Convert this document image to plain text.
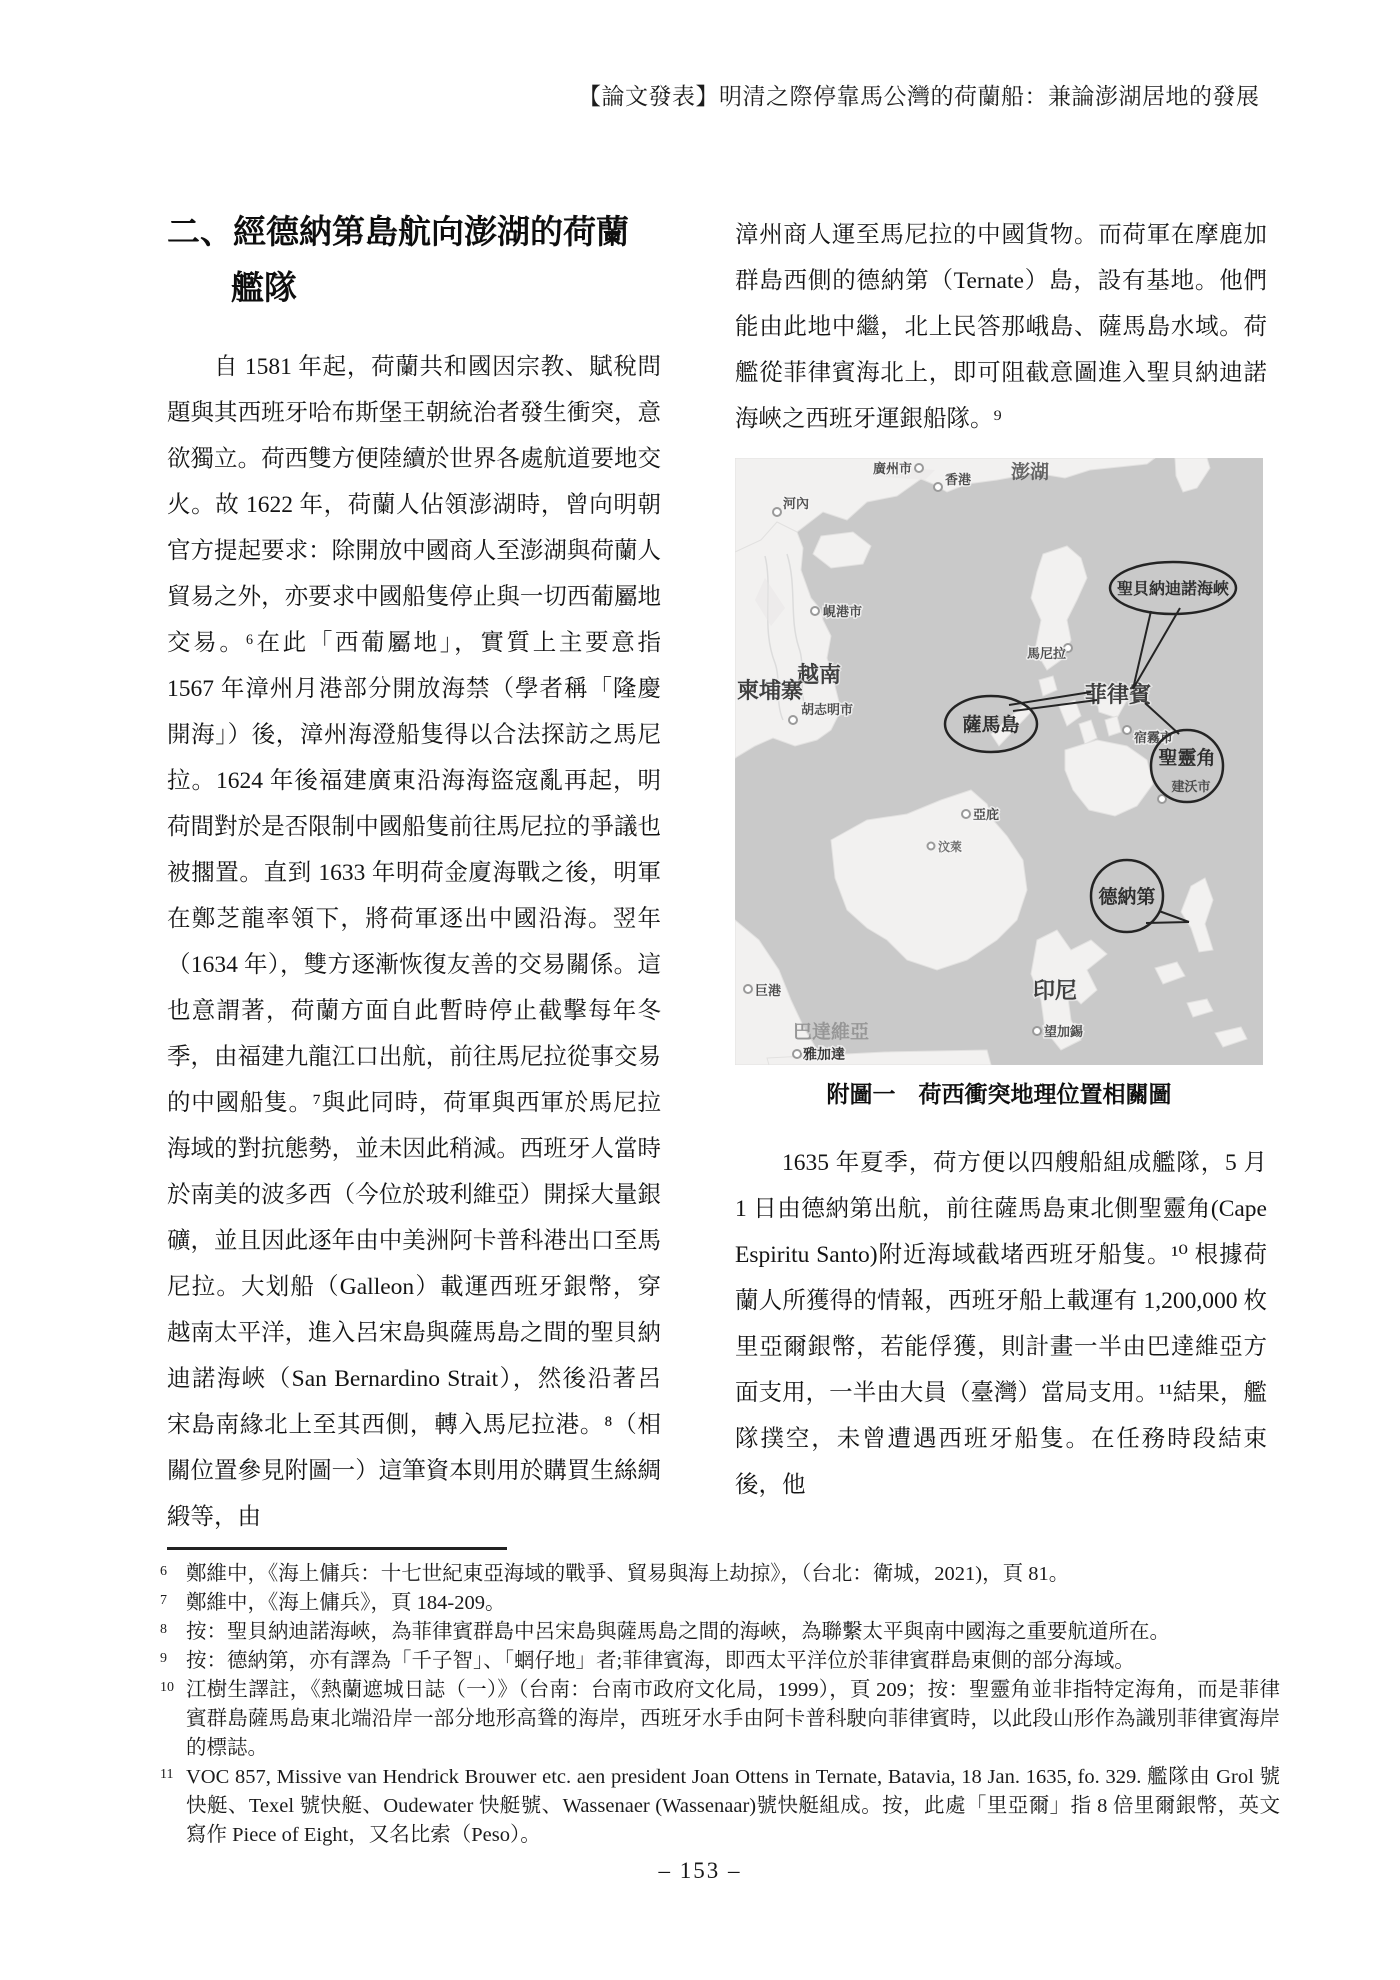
【論文發表】明清之際停靠馬公灣的荷蘭船：兼論澎湖居地的發展
二、經德納第島航向澎湖的荷蘭
艦隊
自 1581 年起，荷蘭共和國因宗教、賦稅問題與其西班牙哈布斯堡王朝統治者發生衝突，意欲獨立。荷西雙方便陸續於世界各處航道要地交火。故 1622 年，荷蘭人佔領澎湖時，曾向明朝官方提起要求：除開放中國商人至澎湖與荷蘭人貿易之外，亦要求中國船隻停止與一切西葡屬地交易。⁶在此「西葡屬地」，實質上主要意指 1567 年漳州月港部分開放海禁（學者稱「隆慶開海」）後，漳州海澄船隻得以合法探訪之馬尼拉。1624 年後福建廣東沿海海盜寇亂再起，明荷間對於是否限制中國船隻前往馬尼拉的爭議也被擱置。直到 1633 年明荷金廈海戰之後，明軍在鄭芝龍率領下，將荷軍逐出中國沿海。翌年（1634 年），雙方逐漸恢復友善的交易關係。這也意謂著，荷蘭方面自此暫時停止截擊每年冬季，由福建九龍江口出航，前往馬尼拉從事交易的中國船隻。⁷與此同時，荷軍與西軍於馬尼拉海域的對抗態勢，並未因此稍減。西班牙人當時於南美的波多西（今位於玻利維亞）開採大量銀礦，並且因此逐年由中美洲阿卡普科港出口至馬尼拉。大划船（Galleon）載運西班牙銀幣，穿越南太平洋，進入呂宋島與薩馬島之間的聖貝納迪諾海峽（San Bernardino Strait），然後沿著呂宋島南緣北上至其西側，轉入馬尼拉港。⁸（相關位置參見附圖一）這筆資本則用於購買生絲綢緞等，由
漳州商人運至馬尼拉的中國貨物。而荷軍在摩鹿加群島西側的德納第（Ternate）島，設有基地。他們能由此地中繼，北上民答那峨島、薩馬島水域。荷艦從菲律賓海北上，即可阻截意圖進入聖貝納迪諾海峽之西班牙運銀船隊。⁹
廣州市
香港
河內
峴港市
越南
柬埔寨
胡志明市
澎湖
馬尼拉
菲律賓
宿霧市
亞庇
汶萊
印尼
望加錫
巨港
巴達維亞
雅加達
聖貝納迪諾海峽
薩馬島
聖靈角
建沃市
德納第
附圖一　荷西衝突地理位置相關圖
1635 年夏季，荷方便以四艘船組成艦隊，5 月 1 日由德納第出航，前往薩馬島東北側聖靈角(Cape Espiritu Santo)附近海域截堵西班牙船隻。¹⁰ 根據荷蘭人所獲得的情報，西班牙船上載運有 1,200,000 枚里亞爾銀幣，若能俘獲，則計畫一半由巴達維亞方面支用，一半由大員（臺灣）當局支用。¹¹結果，艦隊撲空，未曾遭遇西班牙船隻。在任務時段結束後，他
6 鄭維中，《海上傭兵：十七世紀東亞海域的戰爭、貿易與海上劫掠》，（台北：衛城，2021)，頁 81。
7 鄭維中，《海上傭兵》，頁 184-209。
8 按：聖貝納迪諾海峽，為菲律賓群島中呂宋島與薩馬島之間的海峽，為聯繫太平與南中國海之重要航道所在。
9 按：德納第，亦有譯為「千子智」、「蝄仔地」者;菲律賓海，即西太平洋位於菲律賓群島東側的部分海域。
10 江樹生譯註，《熱蘭遮城日誌（一）》（台南：台南市政府文化局，1999），頁 209；按：聖靈角並非指特定海角，而是菲律賓群島薩馬島東北端沿岸一部分地形高聳的海岸，西班牙水手由阿卡普科駛向菲律賓時，以此段山形作為識別菲律賓海岸的標誌。
11 VOC 857, Missive van Hendrick Brouwer etc. aen president Joan Ottens in Ternate, Batavia, 18 Jan. 1635, fo. 329. 艦隊由 Grol 號快艇、Texel 號快艇、Oudewater 快艇號、Wassenaer (Wassenaar)號快艇組成。按，此處「里亞爾」指 8 倍里爾銀幣，英文寫作 Piece of Eight，又名比索（Peso）。
– 153 –
